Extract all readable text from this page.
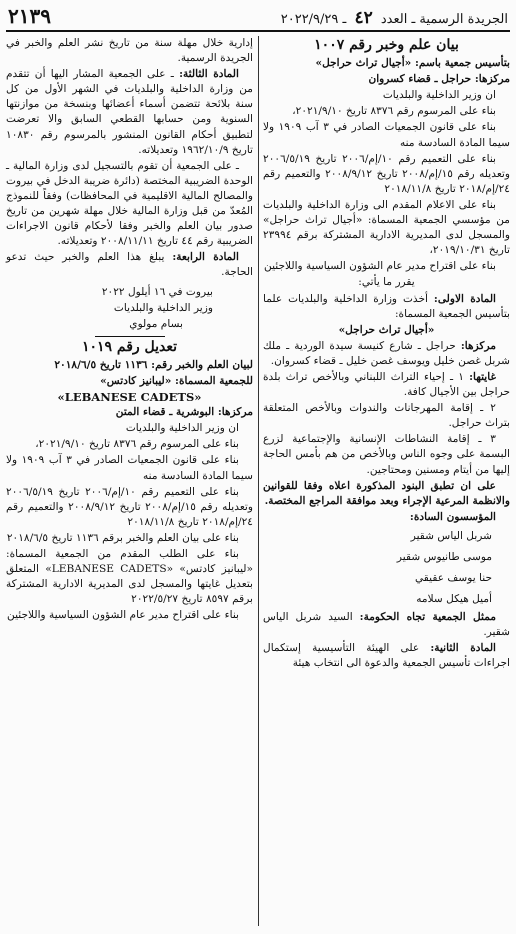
الجريدة الرسمية ـ العدد ٤٢ ـ ٢٠٢٢/٩/٢٩
٢١٣٩
بيان علم وخبر رقم ١٠٠٧

بتأسيس جمعية باسم: «أجيال تراث حراجل»

مركزها: حراجل ـ قضاء كسروان

ان وزير الداخلية والبلديات

بناء على المرسوم رقم ٨٣٧٦ تاريخ ٢٠٢١/٩/١٠،

بناء على قانون الجمعيات الصادر في ٣ آب ١٩٠٩ ولا سيما المادة السادسة منه

بناء على التعميم رقم ١٠/إم/٢٠٠٦ تاريخ ٢٠٠٦/٥/١٩ وتعديله رقم ١٥/إم/٢٠٠٨ تاريخ ٢٠٠٨/٩/١٢ والتعميم رقم ٢٤/إم/٢٠١٨ تاريخ ٢٠١٨/١١/٨

بناء على الاعلام المقدم الى وزارة الداخلية والبلديات من مؤسسي الجمعية المسماة: «أجيال تراث حراجل» والمسجل لدى المديرية الادارية المشتركة برقم ٢٣٩٩٤ تاريخ ٢٠١٩/١٠/٣١،

بناء على اقتراح مدير عام الشؤون السياسية واللاجئين

يقرر ما يأتي:

المادة الاولى: أخذت وزارة الداخلية والبلديات علما بتأسيس الجمعية المسماة:

«أجيال تراث حراجل»

مركزها: حراجل ـ شارع كنيسة سيدة الوردية ـ ملك شربل غصن خليل ويوسف غصن خليل ـ قضاء كسروان.

غايتها: ١ ـ إحياء التراث اللبناني وبالأخص تراث بلدة حراجل بين الأجيال كافة.

٢ ـ إقامة المهرجانات والندوات وبالأخص المتعلقة بتراث حراجل.

٣ ـ إقامة النشاطات الإنسانية والإجتماعية لزرع البسمة على وجوه الناس وبالأخص من هم بأمس الحاجة إليها من أيتام ومسنين ومحتاجين.

على ان تطبق البنود المذكورة اعلاه وفقا للقوانين والانظمة المرعية الإجراء وبعد موافقة المراجع المختصة.

المؤسسون السادة:

شربل الياس شقير
موسى طانيوس شقير
حنا يوسف عقيقي
أميل هيكل سلامه

ممثل الجمعية تجاه الحكومة: السيد شربل الياس شقير.

المادة الثانية: على الهيئة التأسيسية إستكمال اجراءات تأسيس الجمعية والدعوة الى انتخاب هيئة

إدارية خلال مهلة سنة من تاريخ نشر العلم والخبر في الجريدة الرسمية.

المادة الثالثة: ـ على الجمعية المشار اليها أن تتقدم من وزارة الداخلية والبلديات في الشهر الأول من كل سنة بلائحة تتضمن أسماء أعضائها وبنسخة من موازنتها السنوية ومن حسابها القطعي السابق والا تعرضت لتطبيق أحكام القانون المنشور بالمرسوم رقم ١٠٨٣٠ تاريخ ١٩٦٢/١٠/٩ وتعديلاته.

ـ على الجمعية أن تقوم بالتسجيل لدى وزارة المالية ـ الوحدة الضريبية المختصة (دائرة ضريبة الدخل في بيروت والمصالح المالية الاقليمية في المحافظات) وفقاً للنموذج المُعدّ من قبل وزارة المالية خلال مهلة شهرين من تاريخ صدور بيان العلم والخبر وفقا لأحكام قانون الاجراءات الضريبية رقم ٤٤ تاريخ ٢٠٠٨/١١/١١ وتعديلاته.

المادة الرابعة: يبلغ هذا العلم والخبر حيث تدعو الحاجة.

بيروت في ١٦ أيلول ٢٠٢٢

وزير الداخلية والبلديات

بسام مولوي

تعديل رقم ١٠١٩

لبيان العلم والخبر رقم: ١١٣٦ تاريخ ٢٠١٨/٦/٥

للجمعية المسماة: «ليبانيز كادتس»

«LEBANESE CADETS»

مركزها: البوشرية ـ قضاء المتن

ان وزير الداخلية والبلديات

بناء على المرسوم رقم ٨٣٧٦ تاريخ ٢٠٢١/٩/١٠،

بناء على قانون الجمعيات الصادر في ٣ آب ١٩٠٩ ولا سيما المادة السادسة منه

بناء على التعميم رقم ١٠/إم/٢٠٠٦ تاريخ ٢٠٠٦/٥/١٩ وتعديله رقم ١٥/إم/٢٠٠٨ تاريخ ٢٠٠٨/٩/١٢ والتعميم رقم ٢٤/إم/٢٠١٨ تاريخ ٢٠١٨/١١/٨

بناء على بيان العلم والخبر برقم ١١٣٦ تاريخ ٢٠١٨/٦/٥

بناء على الطلب المقدم من الجمعية المسماة: «ليبانيز كادتس» «LEBANESE CADETS» المتعلق بتعديل غايتها والمسجل لدى المديرية الادارية المشتركة برقم ٨٥٩٧ تاريخ ٢٠٢٢/٥/٢٧

بناء على اقتراح مدير عام الشؤون السياسية واللاجئين
